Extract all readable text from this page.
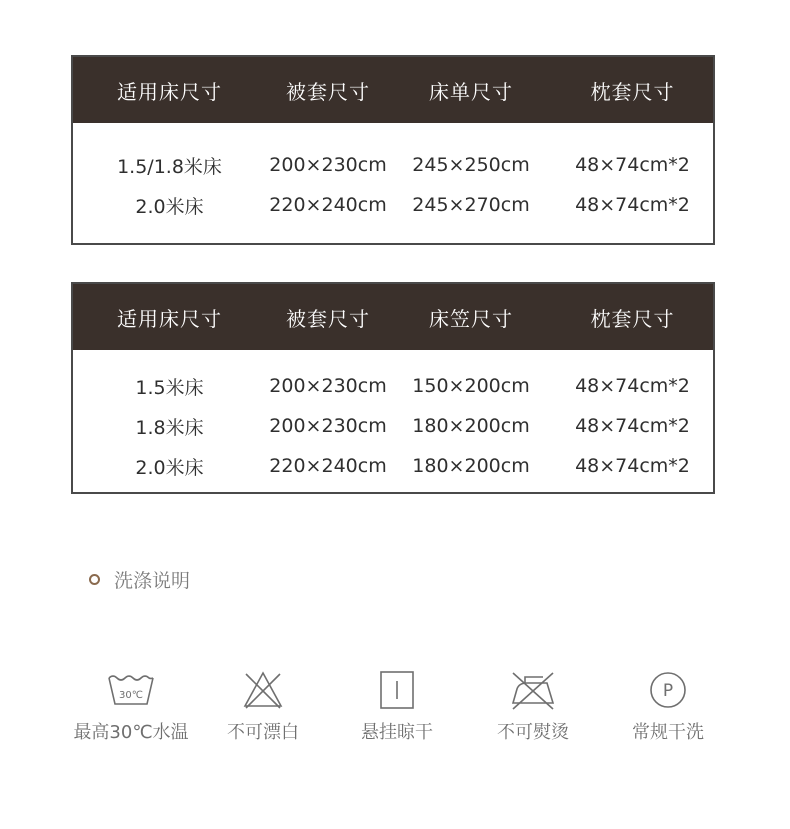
适用床尺寸	被套尺寸	床单尺寸	枕套尺寸
1.5/1.8米床	200×230cm	245×250cm	48×74cm*2
2.0米床	220×240cm	245×270cm	48×74cm*2
适用床尺寸	被套尺寸	床笠尺寸	枕套尺寸
1.5米床	200×230cm	150×200cm	48×74cm*2
1.8米床	200×230cm	180×200cm	48×74cm*2
2.0米床	220×240cm	180×200cm	48×74cm*2
洗涤说明
30℃
最高30℃水温	不可漂白	悬挂晾干	不可熨烫
P
常规干洗
